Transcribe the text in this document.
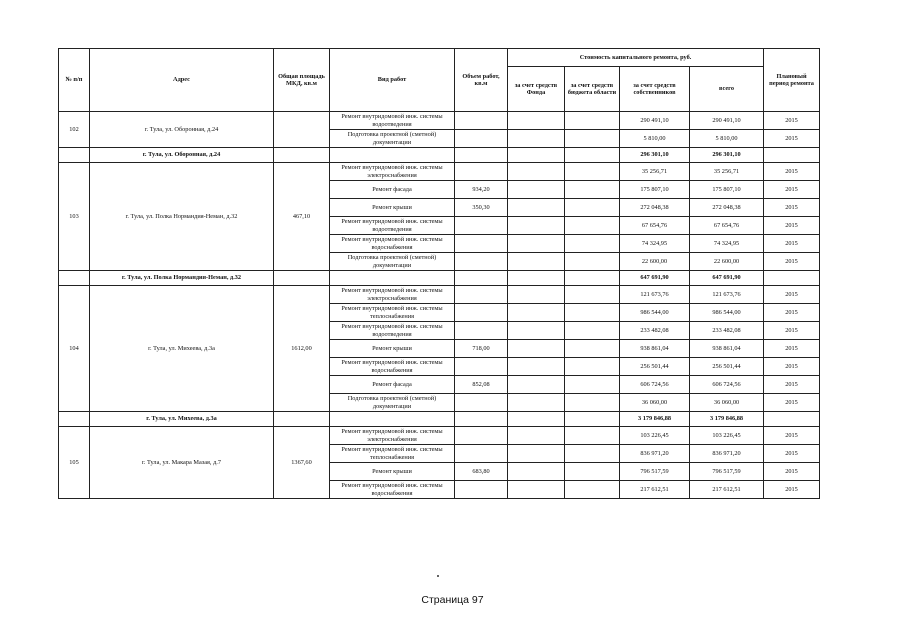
№ п/п	Адрес	Общая площадь МКД, кв.м	Вид работ	Объем работ, кв.м	Стоимость капитального ремонта, руб.				Плановый период ремонта
					за счет средств Фонда	за счет средств бюджета области	за счет средств собственников	всего	
102	г. Тула, ул. Оборонная, д.24		Ремонт внутридомовой инж. системы водоотведения				290 491,10	290 491,10	2015
			Подготовка проектной (сметной) документации				5 810,00	5 810,00	2015
	г. Тула, ул. Оборонная, д.24						296 301,10	296 301,10	
103	г. Тула, ул. Полка Нормандия-Неман, д.32	467,10	Ремонт внутридомовой инж. системы электроснабжения				35 256,71	35 256,71	2015
			Ремонт фасада	934,20			175 807,10	175 807,10	2015
			Ремонт крыши	350,30			272 048,38	272 048,38	2015
			Ремонт внутридомовой инж. системы водоотведения				67 654,76	67 654,76	2015
			Ремонт внутридомовой инж. системы водоснабжения				74 324,95	74 324,95	2015
			Подготовка проектной (сметной) документации				22 600,00	22 600,00	2015
	г. Тула, ул. Полка Нормандия-Неман, д.32						647 691,90	647 691,90	
104	г. Тула, ул. Михеева, д.3а	1612,00	Ремонт внутридомовой инж. системы электроснабжения				121 673,76	121 673,76	2015
			Ремонт внутридомовой инж. системы теплоснабжения				986 544,00	986 544,00	2015
			Ремонт внутридомовой инж. системы водоотведения				233 482,08	233 482,08	2015
			Ремонт крыши	718,00			938 861,04	938 861,04	2015
			Ремонт внутридомовой инж. системы водоснабжения				256 501,44	256 501,44	2015
			Ремонт фасада	852,08			606 724,56	606 724,56	2015
			Подготовка проектной (сметной) документации				36 060,00	36 060,00	2015
	г. Тула, ул. Михеева, д.3а						3 179 846,88	3 179 846,88	
105	г. Тула, ул. Макара Мазая, д.7	1367,60	Ремонт внутридомовой инж. системы электроснабжения				103 226,45	103 226,45	2015
			Ремонт внутридомовой инж. системы теплоснабжения				836 971,20	836 971,20	2015
			Ремонт крыши	683,80			796 517,59	796 517,59	2015
			Ремонт внутридомовой инж. системы водоснабжения				217 612,51	217 612,51	2015
Страница 97
